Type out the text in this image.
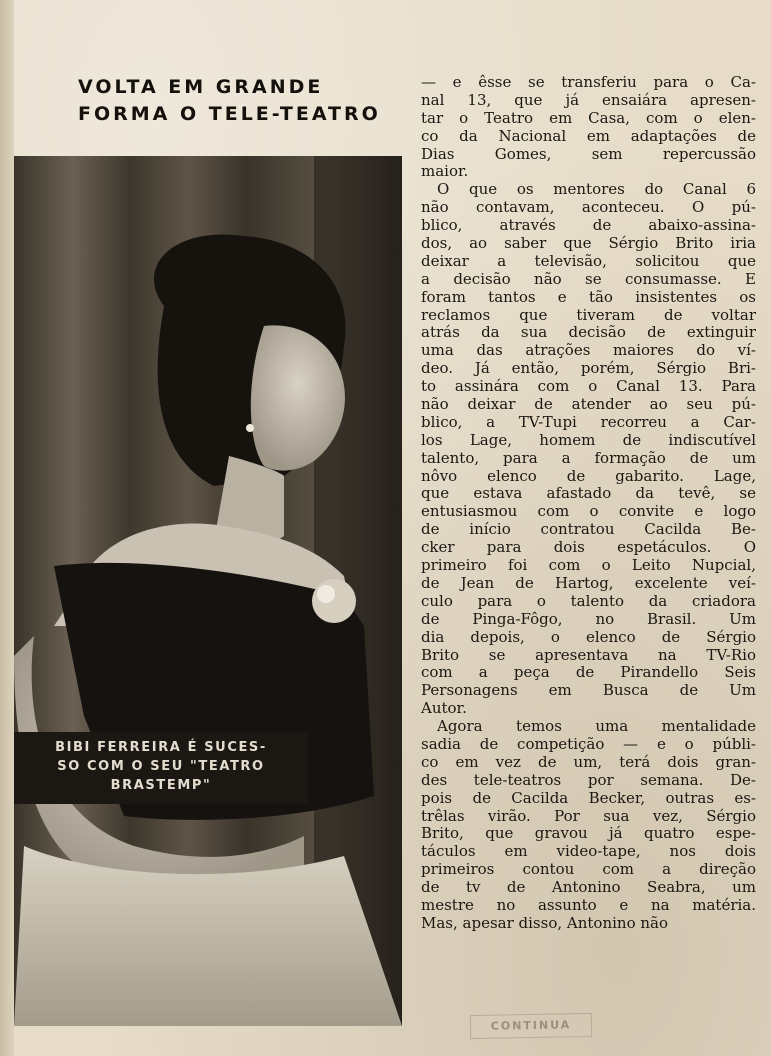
VOLTA EM GRANDE
FORMA O TELE-TEATRO
BIBI FERREIRA É SUCES-
SO COM O SEU "TEATRO
BRASTEMP"
— e êsse se transferiu para o Ca-
nal 13, que já ensaiára apresen-
tar o Teatro em Casa, com o elen-
co da Nacional em adaptações de
Dias Gomes, sem repercussão
maior.
O que os mentores do Canal 6
não contavam, aconteceu. O pú-
blico, através de abaixo-assina-
dos, ao saber que Sérgio Brito iria
deixar a televisão, solicitou que
a decisão não se consumasse. E
foram tantos e tão insistentes os
reclamos que tiveram de voltar
atrás da sua decisão de extinguir
uma das atrações maiores do ví-
deo. Já então, porém, Sérgio Bri-
to assinára com o Canal 13. Para
não deixar de atender ao seu pú-
blico, a TV-Tupi recorreu a Car-
los Lage, homem de indiscutível
talento, para a formação de um
nôvo elenco de gabarito. Lage,
que estava afastado da tevê, se
entusiasmou com o convite e logo
de início contratou Cacilda Be-
cker para dois espetáculos. O
primeiro foi com o Leito Nupcial,
de Jean de Hartog, excelente veí-
culo para o talento da criadora
de Pinga-Fôgo, no Brasil. Um
dia depois, o elenco de Sérgio
Brito se apresentava na TV-Rio
com a peça de Pirandello Seis
Personagens em Busca de Um
Autor.
Agora temos uma mentalidade
sadia de competição — e o públi-
co em vez de um, terá dois gran-
des tele-teatros por semana. De-
pois de Cacilda Becker, outras es-
trêlas virão. Por sua vez, Sérgio
Brito, que gravou já quatro espe-
táculos em video-tape, nos dois
primeiros contou com a direção
de tv de Antonino Seabra, um
mestre no assunto e na matéria.
Mas, apesar disso, Antonino não
CONTINUA
